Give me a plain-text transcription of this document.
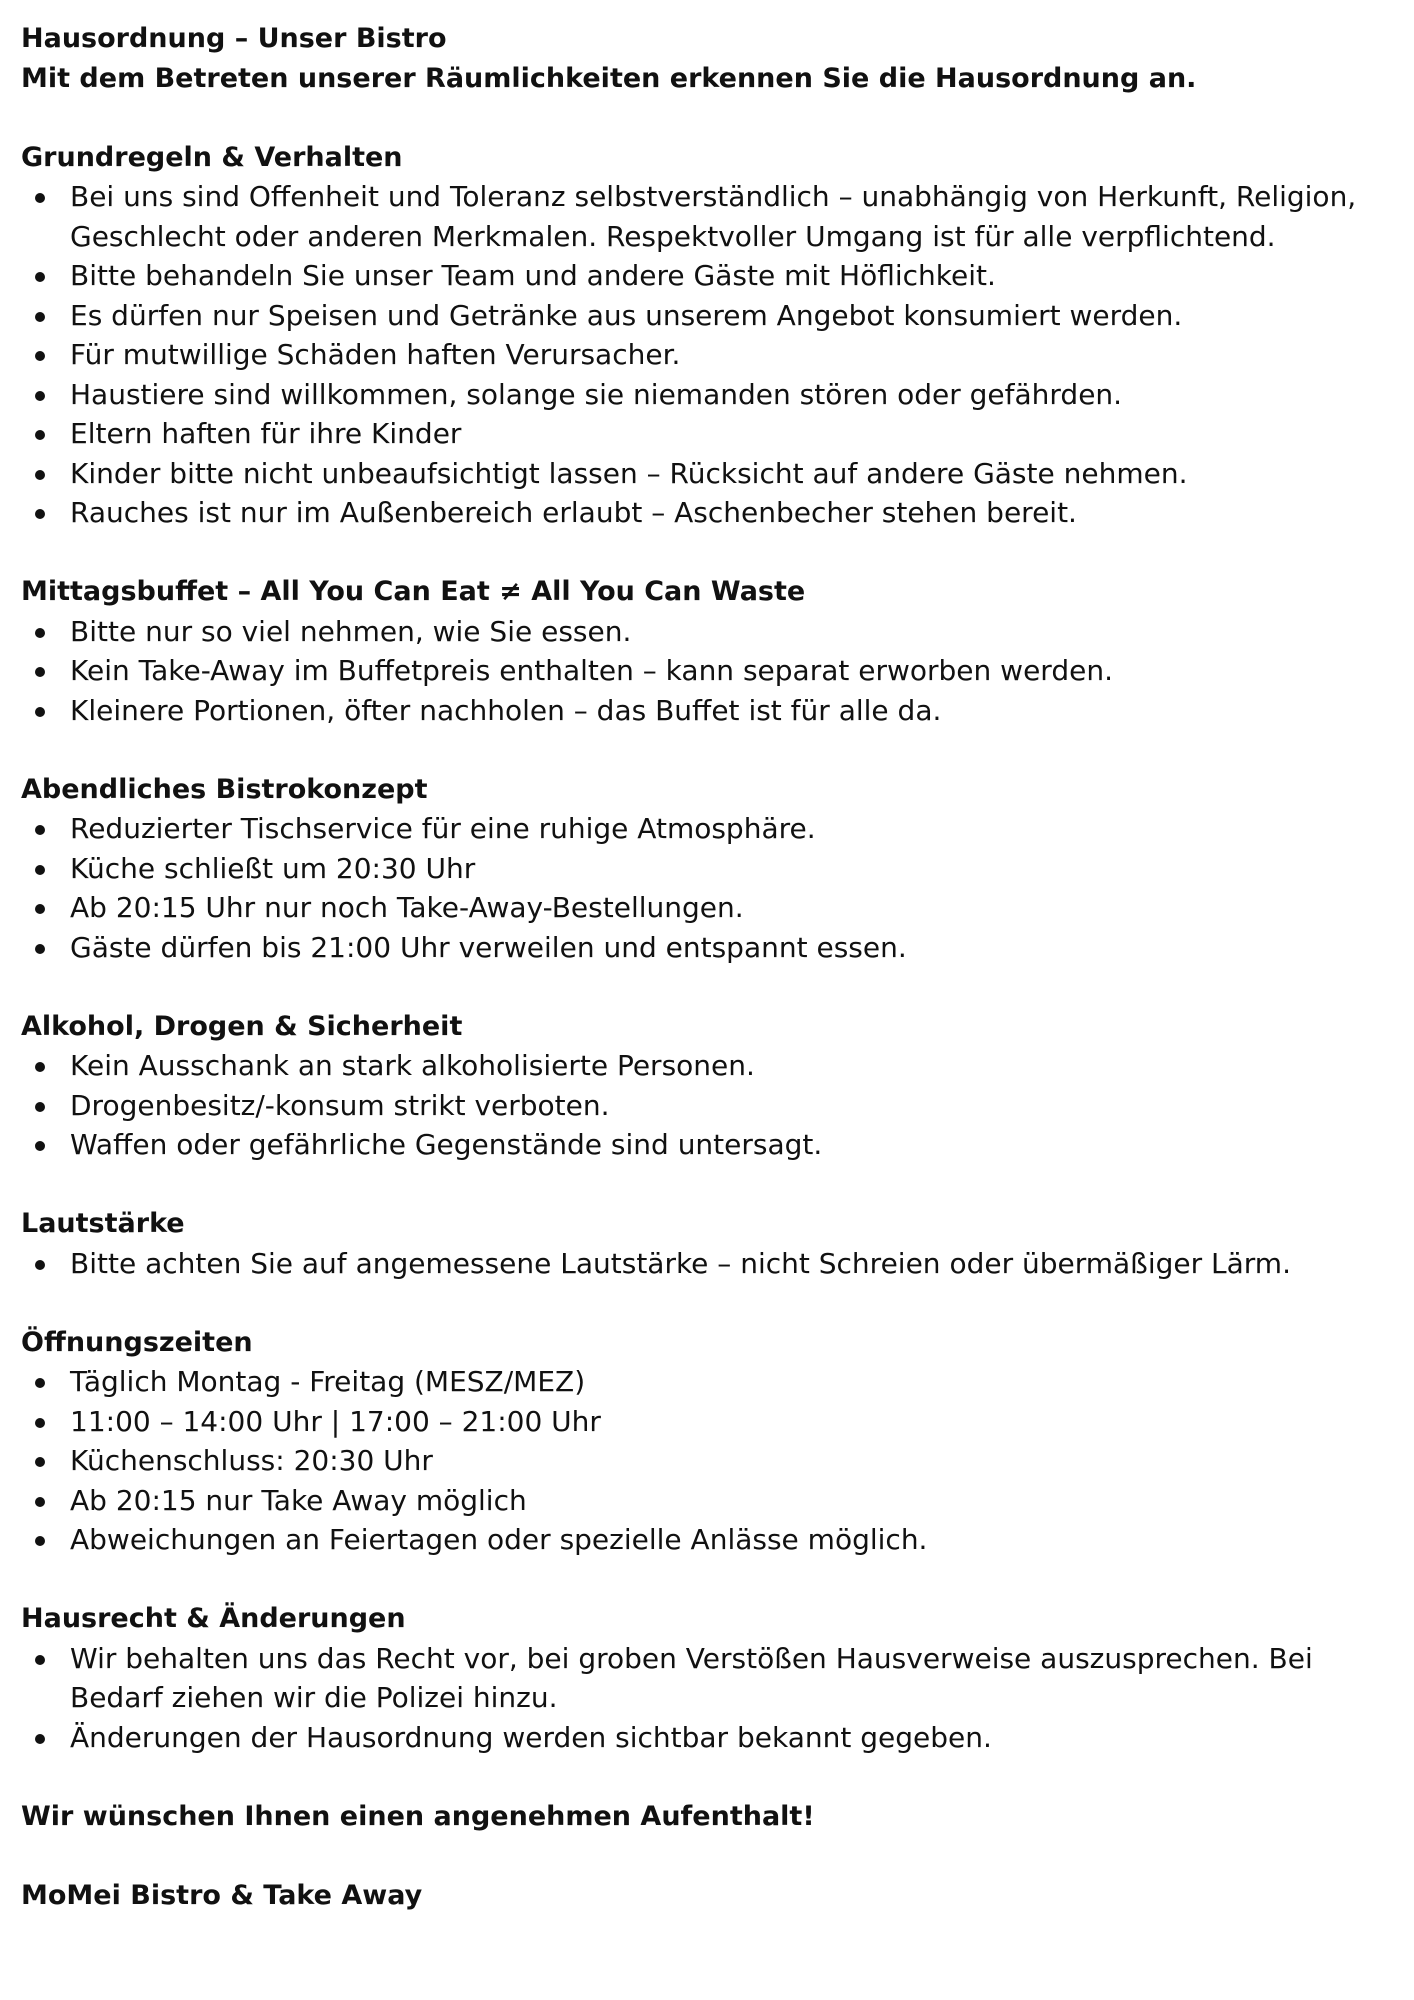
Hausordnung – Unser Bistro

Mit dem Betreten unserer Räumlichkeiten erkennen Sie die Hausordnung an.

Grundregeln & Verhalten

Bei uns sind Offenheit und Toleranz selbstverständlich – unabhängig von Herkunft, Religion, Geschlecht oder anderen Merkmalen. Respektvoller Umgang ist für alle verpflichtend.
Bitte behandeln Sie unser Team und andere Gäste mit Höflichkeit.
Es dürfen nur Speisen und Getränke aus unserem Angebot konsumiert werden.
Für mutwillige Schäden haften Verursacher.
Haustiere sind willkommen, solange sie niemanden stören oder gefährden.
Eltern haften für ihre Kinder
Kinder bitte nicht unbeaufsichtigt lassen – Rücksicht auf andere Gäste nehmen.
Rauches ist nur im Außenbereich erlaubt – Aschenbecher stehen bereit.

Mittagsbuffet – All You Can Eat ≠ All You Can Waste

Bitte nur so viel nehmen, wie Sie essen.
Kein Take-Away im Buffetpreis enthalten – kann separat erworben werden.
Kleinere Portionen, öfter nachholen – das Buffet ist für alle da.

Abendliches Bistrokonzept

Reduzierter Tischservice für eine ruhige Atmosphäre.
Küche schließt um 20:30 Uhr
Ab 20:15 Uhr nur noch Take-Away-Bestellungen.
Gäste dürfen bis 21:00 Uhr verweilen und entspannt essen.

Alkohol, Drogen & Sicherheit

Kein Ausschank an stark alkoholisierte Personen.
Drogenbesitz/-konsum strikt verboten.
Waffen oder gefährliche Gegenstände sind untersagt.

Lautstärke

Bitte achten Sie auf angemessene Lautstärke – nicht Schreien oder übermäßiger Lärm.

Öffnungszeiten

Täglich Montag - Freitag (MESZ/MEZ)
11:00 – 14:00 Uhr | 17:00 – 21:00 Uhr
Küchenschluss: 20:30 Uhr
Ab 20:15 nur Take Away möglich
Abweichungen an Feiertagen oder spezielle Anlässe möglich.

Hausrecht & Änderungen

Wir behalten uns das Recht vor, bei groben Verstößen Hausverweise auszusprechen. Bei Bedarf ziehen wir die Polizei hinzu.
Änderungen der Hausordnung werden sichtbar bekannt gegeben.

Wir wünschen Ihnen einen angenehmen Aufenthalt!

MoMei Bistro & Take Away
